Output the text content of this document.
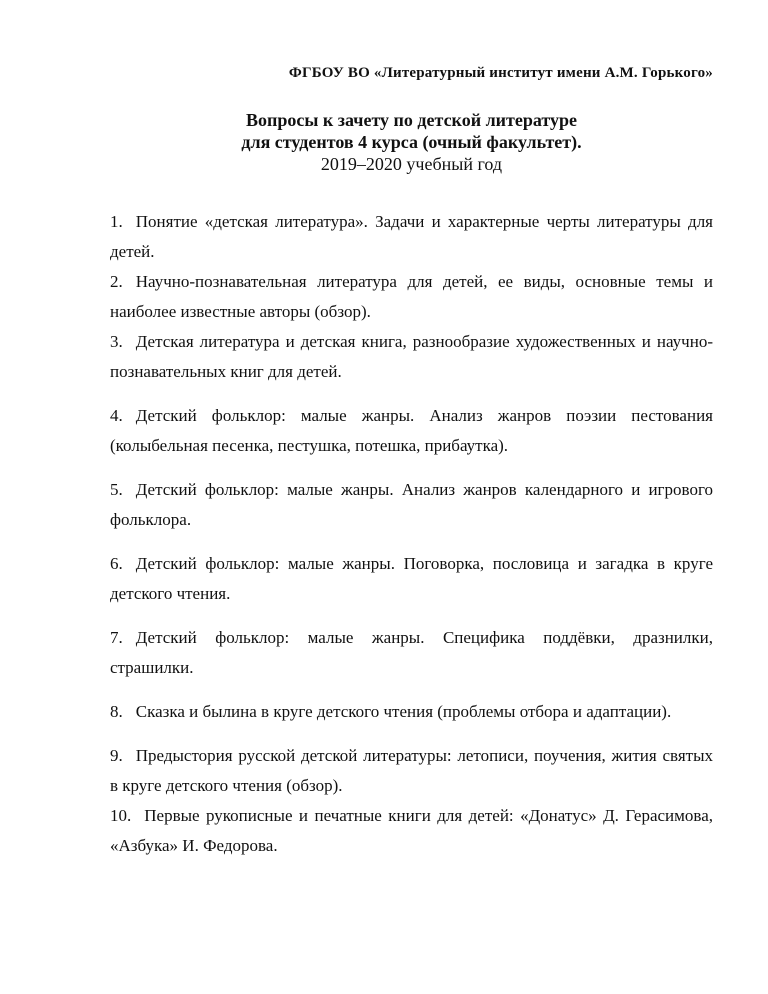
ФГБОУ ВО «Литературный институт имени А.М. Горького»
Вопросы к зачету по детской литературе
для студентов 4 курса (очный факультет).
2019–2020 учебный год

1. Понятие «детская литература». Задачи и характерные черты литературы для детей.

2. Научно-познавательная литература для детей, ее виды, основные темы и наиболее известные авторы (обзор).

3. Детская литература и детская книга, разнообразие художественных и научно-познавательных книг для детей.

4. Детский фольклор: малые жанры. Анализ жанров поэзии пестования (колыбельная песенка, пестушка, потешка, прибаутка).

5. Детский фольклор: малые жанры. Анализ жанров календарного и игрового фольклора.

6. Детский фольклор: малые жанры. Поговорка, пословица и загадка в круге детского чтения.

7. Детский фольклор: малые жанры. Специфика поддёвки, дразнилки, страшилки.

8. Сказка и былина в круге детского чтения (проблемы отбора и адаптации).

9. Предыстория русской детской литературы: летописи, поучения, жития святых в круге детского чтения (обзор).

10. Первые рукописные и печатные книги для детей: «Донатус» Д. Герасимова, «Азбука» И. Федорова.
